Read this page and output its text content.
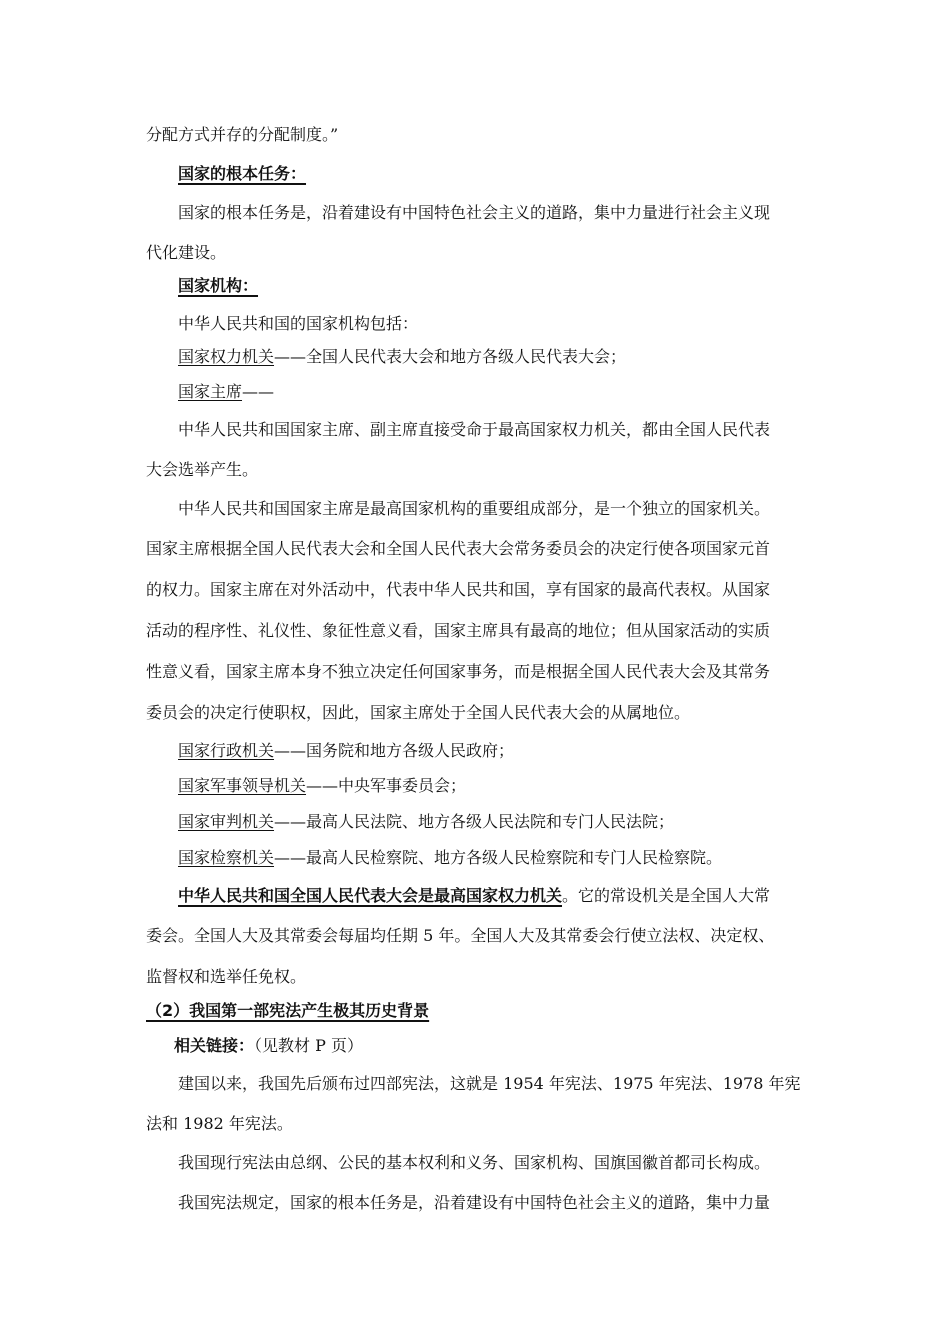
分配方式并存的分配制度。”
国家的根本任务：
国家的根本任务是，沿着建设有中国特色社会主义的道路，集中力量进行社会主义现
代化建设。
国家机构：
中华人民共和国的国家机构包括：
国家权力机关——全国人民代表大会和地方各级人民代表大会；
国家主席——
中华人民共和国国家主席、副主席直接受命于最高国家权力机关，都由全国人民代表
大会选举产生。
中华人民共和国国家主席是最高国家机构的重要组成部分，是一个独立的国家机关。
国家主席根据全国人民代表大会和全国人民代表大会常务委员会的决定行使各项国家元首
的权力。国家主席在对外活动中，代表中华人民共和国，享有国家的最高代表权。从国家
活动的程序性、礼仪性、象征性意义看，国家主席具有最高的地位；但从国家活动的实质
性意义看，国家主席本身不独立决定任何国家事务，而是根据全国人民代表大会及其常务
委员会的决定行使职权，因此，国家主席处于全国人民代表大会的从属地位。
国家行政机关——国务院和地方各级人民政府；
国家军事领导机关——中央军事委员会；
国家审判机关——最高人民法院、地方各级人民法院和专门人民法院；
国家检察机关——最高人民检察院、地方各级人民检察院和专门人民检察院。
中华人民共和国全国人民代表大会是最高国家权力机关。它的常设机关是全国人大常
委会。全国人大及其常委会每届均任期 5 年。全国人大及其常委会行使立法权、决定权、
监督权和选举任免权。
（2）我国第一部宪法产生极其历史背景
相关链接：（见教材 P 页）
建国以来，我国先后颁布过四部宪法，这就是 1954 年宪法、1975 年宪法、1978 年宪
法和 1982 年宪法。
我国现行宪法由总纲、公民的基本权利和义务、国家机构、国旗国徽首都司长构成。
我国宪法规定，国家的根本任务是，沿着建设有中国特色社会主义的道路，集中力量
